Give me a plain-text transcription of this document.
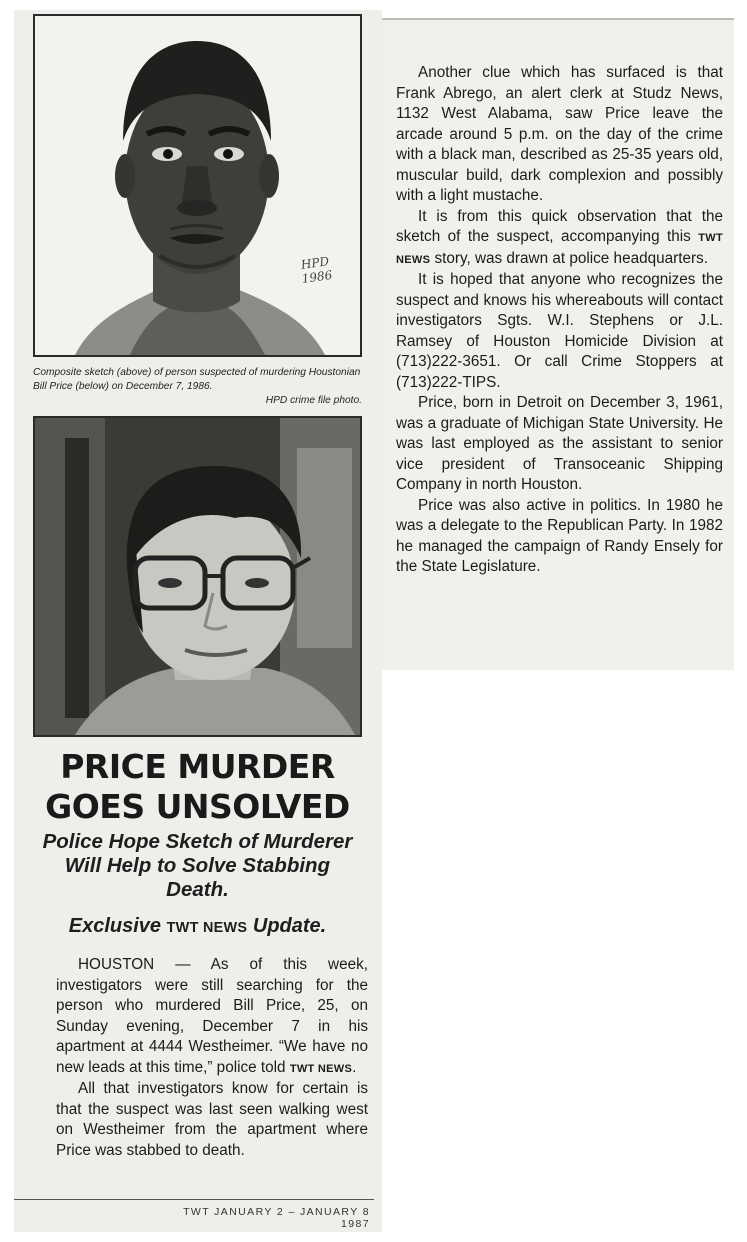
HPD 1986
Composite sketch (above) of person suspected of murdering Houstonian Bill Price (below) on December 7, 1986.
HPD crime file photo.
PRICE MURDER
GOES UNSOLVED
Police Hope Sketch of Murderer Will Help to Solve Stabbing Death.
Exclusive TWT NEWS Update.

HOUSTON — As of this week, investigators were still searching for the person who murdered Bill Price, 25, on Sunday evening, December 7 in his apartment at 4444 Westheimer. “We have no new leads at this time,” police told TWT NEWS.

All that investigators know for certain is that the suspect was last seen walking west on Westheimer from the apartment where Price was stabbed to death.

Another clue which has surfaced is that Frank Abrego, an alert clerk at Studz News, 1132 West Alabama, saw Price leave the arcade around 5 p.m. on the day of the crime with a black man, described as 25-35 years old, muscular build, dark complexion and possibly with a light mustache.

It is from this quick observation that the sketch of the suspect, accompanying this TWT NEWS story, was drawn at police headquarters.

It is hoped that anyone who recognizes the suspect and knows his whereabouts will contact investigators Sgts. W.I. Stephens or J.L. Ramsey of Houston Homicide Division at (713)222-3651. Or call Crime Stoppers at (713)222-TIPS.

Price, born in Detroit on December 3, 1961, was a graduate of Michigan State University. He was last employed as the assistant to senior vice president of Transoceanic Shipping Company in north Houston.

Price was also active in politics. In 1980 he was a delegate to the Republican Party. In 1982 he managed the campaign of Randy Ensely for the State Legislature.

TWT JANUARY 2 – JANUARY 8 1987
